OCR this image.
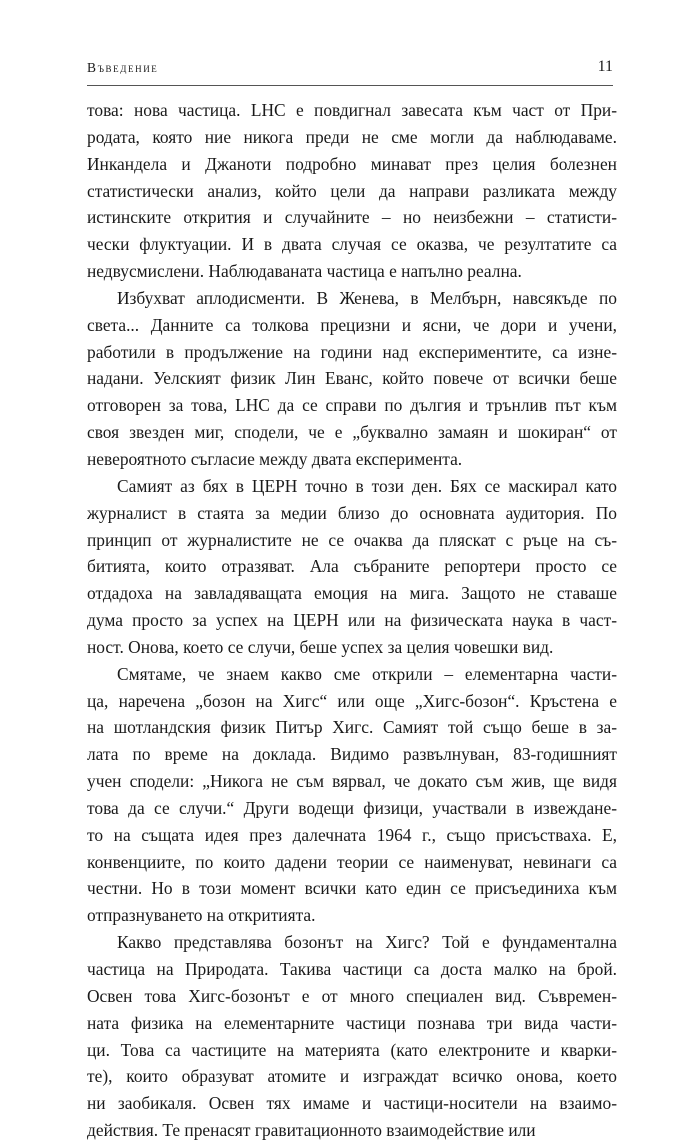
Въведение	11
това: нова частица. LHC е повдигнал завесата към част от При-
родата, която ние никога преди не сме могли да наблюдаваме.
Инкандела и Джаноти подробно минават през целия болезнен
статистически анализ, който цели да направи разликата между
истинските открития и случайните – но неизбежни – статисти-
чески флуктуации. И в двата случая се оказва, че резултатите са
недвусмислени. Наблюдаваната частица е напълно реална.
Избухват аплодисменти. В Женева, в Мелбърн, навсякъде по
света... Данните са толкова прецизни и ясни, че дори и учени,
работили в продължение на години над експериментите, са изне-
надани. Уелският физик Лин Еванс, който повече от всички беше
отговорен за това, LHC да се справи по дългия и трънлив път към
своя звезден миг, сподели, че е „буквално замаян и шокиран“ от
невероятното съгласие между двата експеримента.
Самият аз бях в ЦЕРН точно в този ден. Бях се маскирал като
журналист в стаята за медии близо до основната аудитория. По
принцип от журналистите не се очаква да пляскат с ръце на съ-
битията, които отразяват. Ала събраните репортери просто се
отдадоха на завладяващата емоция на мига. Защото не ставаше
дума просто за успех на ЦЕРН или на физическата наука в част-
ност. Онова, което се случи, беше успех за целия човешки вид.
Смятаме, че знаем какво сме открили – елементарна части-
ца, наречена „бозон на Хигс“ или още „Хигс-бозон“. Кръстена е
на шотландския физик Питър Хигс. Самият той също беше в за-
лата по време на доклада. Видимо развълнуван, 83-годишният
учен сподели: „Никога не съм вярвал, че докато съм жив, ще видя
това да се случи.“ Други водещи физици, участвали в извеждане-
то на същата идея през далечната 1964 г., също присъстваха. Е,
конвенциите, по които дадени теории се наименуват, невинаги са
честни. Но в този момент всички като един се присъединиха към
отпразнуването на откритията.
Какво представлява бозонът на Хигс? Той е фундаментална
частица на Природата. Такива частици са доста малко на брой.
Освен това Хигс-бозонът е от много специален вид. Съвремен-
ната физика на елементарните частици познава три вида части-
ци. Това са частиците на материята (като електроните и кварки-
те), които образуват атомите и изграждат всичко онова, което
ни заобикаля. Освен тях имаме и частици-носители на взаимо-
действия. Те пренасят гравитационното взаимодействие или
